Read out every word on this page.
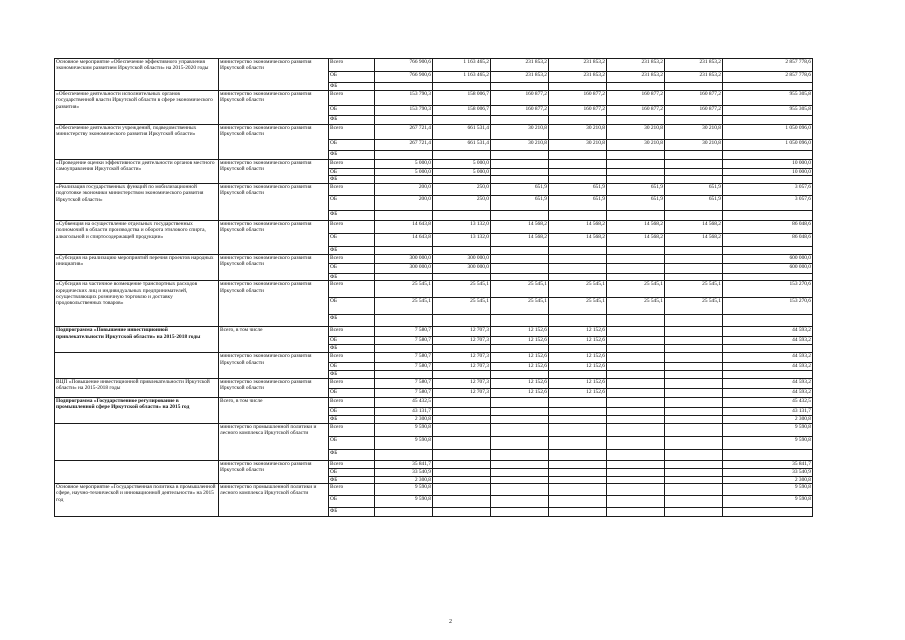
Основное мероприятие «Обеспечение эффективного управления экономическим развитием Иркутской области» на 2015-2020 годы	министерство экономического развития Иркутской области	Всего	766 900,6	1 163 465,2	231 853,2	231 853,2	231 853,2	231 853,2	2 857 778,6
		ОБ	766 900,6	1 163 465,2	231 853,2	231 853,2	231 853,2	231 853,2	2 857 778,6
		ФБ							
«Обеспечение деятельности исполнительных органов государственной власти Иркутской области в сфере экономического развития»	министерство экономического развития Иркутской области	Всего	153 790,3	158 006,7	160 877,2	160 877,2	160 877,2	160 877,2	955 305,8
		ОБ	153 790,3	158 006,7	160 877,2	160 877,2	160 877,2	160 877,2	955 305,8
		ФБ							
«Обеспечение деятельности учреждений, подведомственных министерству экономического развития Иркутской области»	министерство экономического развития Иркутской области	Всего	267 721,4	661 531,4	30 210,8	30 210,8	30 210,8	30 210,8	1 050 096,0
		ОБ	267 721,4	661 531,4	30 210,8	30 210,8	30 210,8	30 210,8	1 050 096,0
		ФБ							
«Проведение оценки эффективности деятельности органов местного самоуправления Иркутской области»	министерство экономического развития Иркутской области	Всего	5 000,0	5 000,0					10 000,0
		ОБ	5 000,0	5 000,0					10 000,0
		ФБ							
«Реализация государственных функций по мобилизационной подготовке экономики министерством экономического развития Иркутской области»	министерство экономического развития Иркутской области	Всего	200,0	250,0	651,9	651,9	651,9	651,9	3 057,6
		ОБ	200,0	250,0	651,9	651,9	651,9	651,9	3 057,6
		ФБ							
«Субвенция на осуществление отдельных государственных полномочий в области производства и оборота этилового спирта, алкогольной и спиртосодержащей продукции»	министерство экономического развития Иркутской области	Всего	14 643,8	13 132,0	14 568,2	14 568,2	14 568,2	14 568,2	86 048,6
		ОБ	14 643,8	13 132,0	14 568,2	14 568,2	14 568,2	14 568,2	86 048,6
		ФБ							
«Субсидия на реализацию мероприятий перечня проектов народных инициатив»	министерство экономического развития Иркутской области	Всего	300 000,0	300 000,0					600 000,0
		ОБ	300 000,0	300 000,0					600 000,0
		ФБ							
«Субсидия на частичное возмещение транспортных расходов юридических лиц и индивидуальных предпринимателей, осуществляющих розничную торговлю и доставку продовольственных товаров»	министерство экономического развития Иркутской области	Всего	25 545,1	25 545,1	25 545,1	25 545,1	25 545,1	25 545,1	153 270,6
		ОБ	25 545,1	25 545,1	25 545,1	25 545,1	25 545,1	25 545,1	153 270,6
		ФБ							
Подпрограмма «Повышение инвестиционной привлекательности Иркутской области» на 2015-2018 годы	Всего, в том числе	Всего	7 580,7	12 707,3	12 152,6	12 152,6			44 593,2
		ОБ	7 580,7	12 707,3	12 152,6	12 152,6			44 593,2
		ФБ							
	министерство экономического развития Иркутской области	Всего	7 580,7	12 707,3	12 152,6	12 152,6			44 593,2
		ОБ	7 580,7	12 707,3	12 152,6	12 152,6			44 593,2
		ФБ							
ВЦП «Повышение инвестиционной привлекательности Иркутской области» на 2015-2018 годы	министерство экономического развития Иркутской области	Всего	7 580,7	12 707,3	12 152,6	12 152,6			44 593,2
		ОБ	7 580,7	12 707,3	12 152,6	12 152,6			44 593,2
Подпрограмма «Государственное регулирование в промышленной сфере Иркутской области» на 2015 год	Всего, в том числе	Всего	45 432,5						45 432,5
		ОБ	43 131,7						43 131,7
		ФБ	2 300,8						2 300,8
	министерство промышленной политики и лесного комплекса Иркутской области	Всего	9 590,8						9 590,8
		ОБ	9 590,8						9 590,8
		ФБ							
	министерство экономического развития Иркутской области	Всего	35 841,7						35 841,7
		ОБ	33 540,9						33 540,9
		ФБ	2 300,8						2 300,8
Основное мероприятие «Государственная политика в промышленной сфере, научно-технической и инновационной деятельности» на 2015 год	министерство промышленной политики и лесного комплекса Иркутской области	Всего	9 590,8						9 590,8
		ОБ	9 590,8						9 590,8
		ФБ							
2
